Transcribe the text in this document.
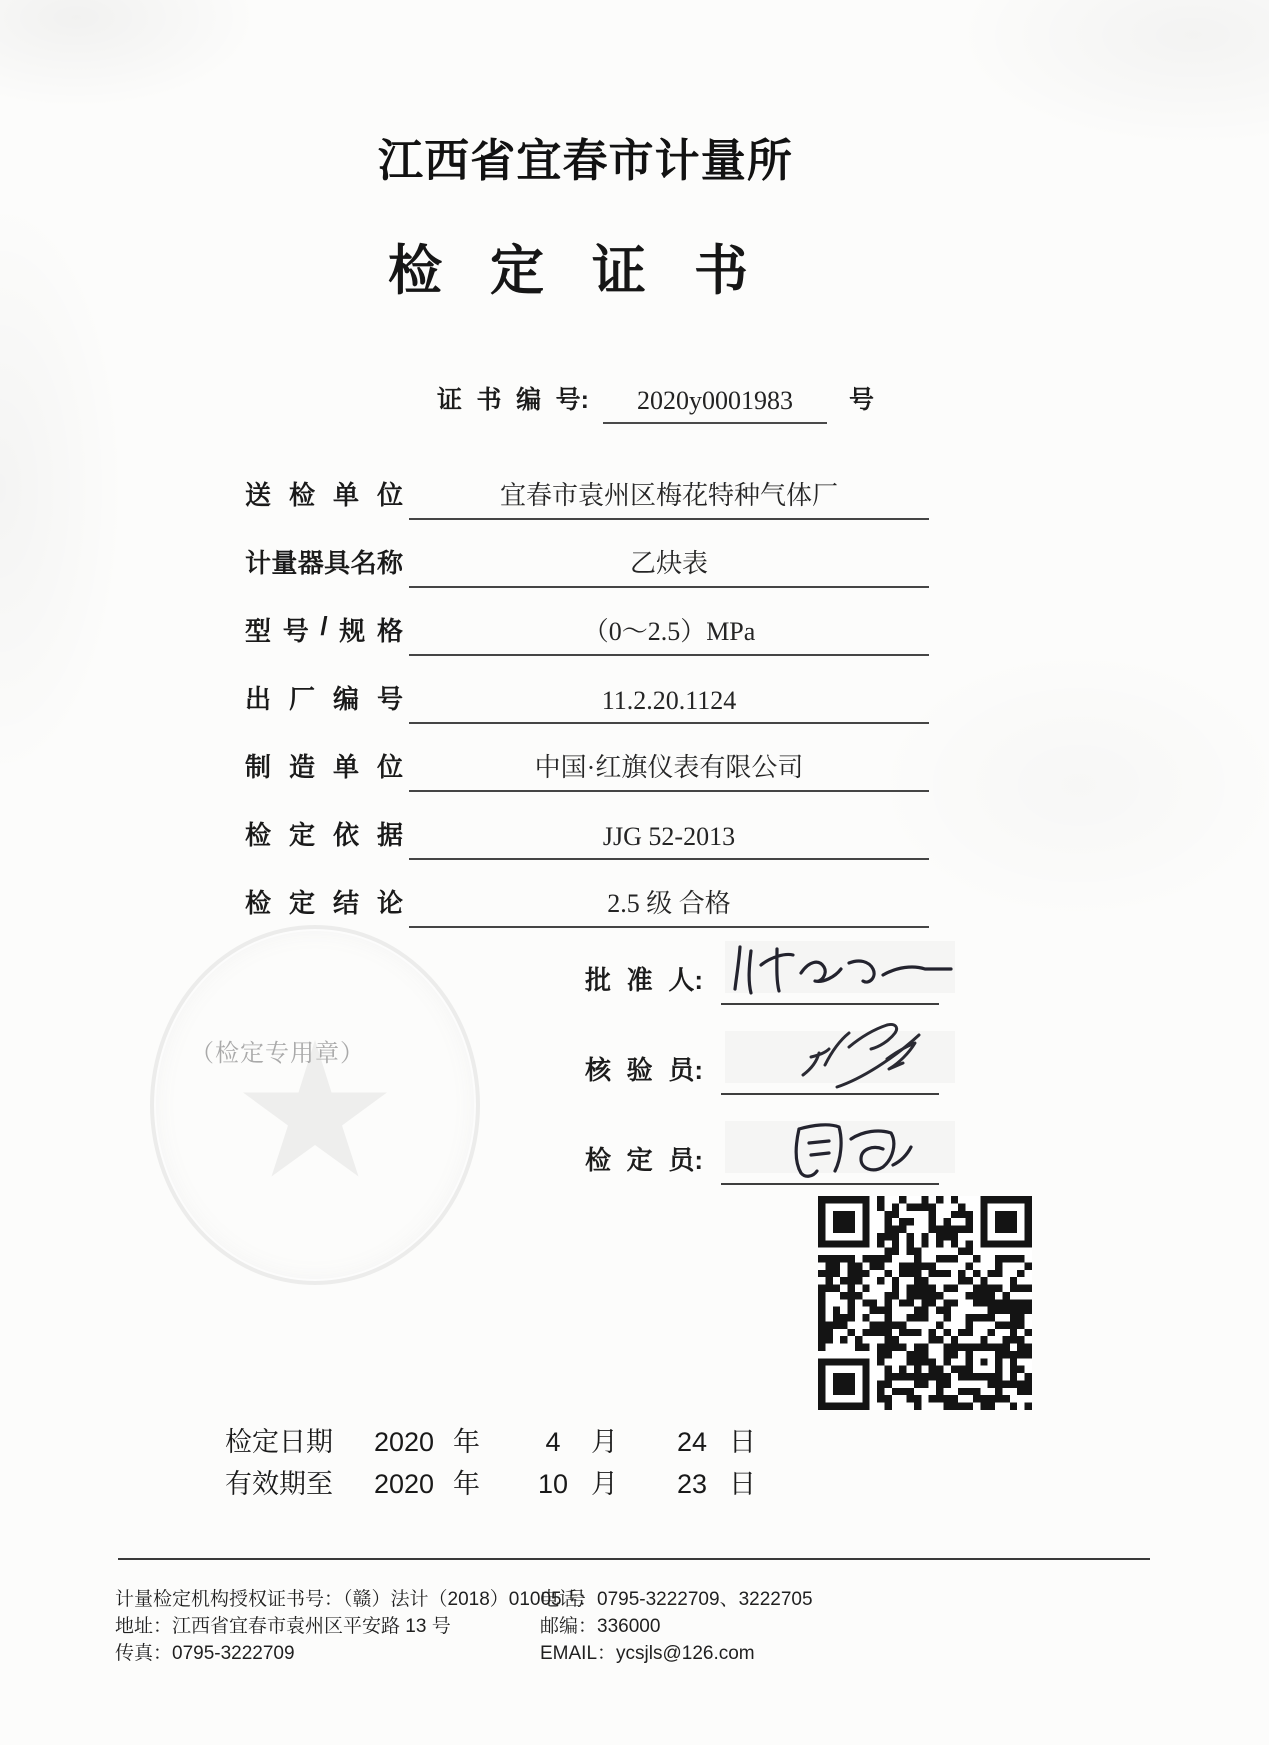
江 西 省 宜 春 市 计 量 所
检 定 证 书
证 书 编 号:	2020y0001983	号
送 检 单 位	宜春市袁州区梅花特种气体厂
计 量 器 具 名 称	乙炔表
型 号 / 规 格	（0～2.5）MPa
出 厂 编 号	11.2.20.1124
制 造 单 位	中国·红旗仪表有限公司
检 定 依 据	JJG 52-2013
检 定 结 论	2.5 级 合格
（检定专用章）
批 准 人:
核 验 员:
检 定 员:
检定日期	2020 年	4	月	24 日
有效期至	2020 年	10 月	23 日
计量检定机构授权证书号：（赣）法计（2018）01005 号
地址：江西省宜春市袁州区平安路 13 号
传真：0795-3222709
电话：0795-3222709、3222705
邮编：336000
EMAIL：ycsjls@126.com
